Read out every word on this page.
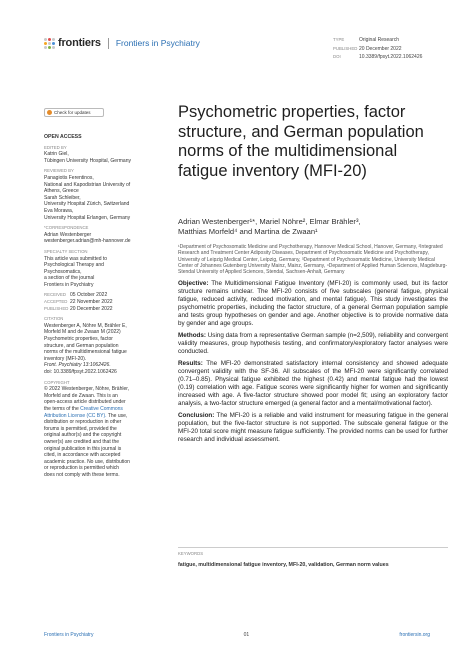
frontiers Frontiers in Psychiatry	TYPE	Original Research
PUBLISHED 20 December 2022
DOI	10.3389/fpsyt.2022.1062426
Check for updates
OPEN ACCESS
EDITED BY
Katrin Giel,
Tübingen University Hospital, Germany
REVIEWED BY
Panagiotis Ferentinos,
National and Kapodistrian University of
Athens, Greece
Sarah Schleiber,
University Hospital Zürich, Switzerland
Eva Morawa,
University Hospital Erlangen, Germany
*CORRESPONDENCE
Adrian Westenberger
westenberger.adrian@mh-hannover.de
SPECIALTY SECTION
This article was submitted to
Psychological Therapy and
Psychosomatics,
a section of the journal
Frontiers in Psychiatry
RECEIVED 05 October 2022
ACCEPTED 22 November 2022
PUBLISHED 20 December 2022
CITATION
Westenberger A, Nöhre M, Brähler E,
Morfeld M and de Zwaan M (2022)
Psychometric properties, factor
structure, and German population
norms of the multidimensional fatigue
inventory (MFI-20).
Front. Psychiatry 13:1062426.
doi: 10.3389/fpsyt.2022.1062426
COPYRIGHT
© 2022 Westenberger, Nöhre, Brähler,
Morfeld and de Zwaan. This is an
open-access article distributed under
the terms of the Creative Commons
Attribution License (CC BY). The use,
distribution or reproduction in other
forums is permitted, provided the
original author(s) and the copyright
owner(s) are credited and that the
original publication in this journal is
cited, in accordance with accepted
academic practice. No use, distribution
or reproduction is permitted which
does not comply with these terms.
Psychometric properties, factor structure, and German population norms of the multidimensional fatigue inventory (MFI-20)
Adrian Westenberger¹*, Mariel Nöhre², Elmar Brähler³,
Matthias Morfeld⁴ and Martina de Zwaan¹
¹Department of Psychosomatic Medicine and Psychotherapy, Hannover Medical School, Hanover, Germany, ²Integrated Research and Treatment Center Adiposity Diseases, Department of Psychosomatic Medicine and Psychotherapy, University of Leipzig Medical Center, Leipzig, Germany, ³Department of Psychosomatic Medicine, University Medical Center of Johannes Gutenberg University Mainz, Mainz, Germany, ⁴Department of Applied Human Sciences, Magdeburg-Stendal University of Applied Sciences, Stendal, Sachsen-Anhalt, Germany

Objective: The Multidimensional Fatigue Inventory (MFI-20) is commonly used, but its factor structure remains unclear. The MFI-20 consists of five subscales (general fatigue, physical fatigue, reduced activity, reduced motivation, and mental fatigue). This study investigates the psychometric properties, including the factor structure, of a general German population sample and tests group hypotheses on gender and age. Another objective is to provide normative data by gender and age groups.

Methods: Using data from a representative German sample (n=2,509), reliability and convergent validity measures, group hypothesis testing, and confirmatory/exploratory factor analyses were conducted.

Results: The MFI-20 demonstrated satisfactory internal consistency and showed adequate convergent validity with the SF-36. All subscales of the MFI-20 were significantly correlated (0.71–0.85). Physical fatigue exhibited the highest (0.42) and mental fatigue had the lowest (0.19) correlation with age. Fatigue scores were significantly higher for women and significantly increased with age. A five-factor structure showed poor model fit; using an exploratory factor analysis, a two-factor structure emerged (a general factor and a mental/motivational factor).

Conclusion: The MFI-20 is a reliable and valid instrument for measuring fatigue in the general population, but the five-factor structure is not supported. The subscale general fatigue or the MFI-20 total score might measure fatigue sufficiently. The provided norms can be used for further research and individual assessment.

KEYWORDS
fatigue, multidimensional fatigue inventory, MFI-20, validation, German norm values
Frontiers in Psychiatry	01	frontiersin.org
